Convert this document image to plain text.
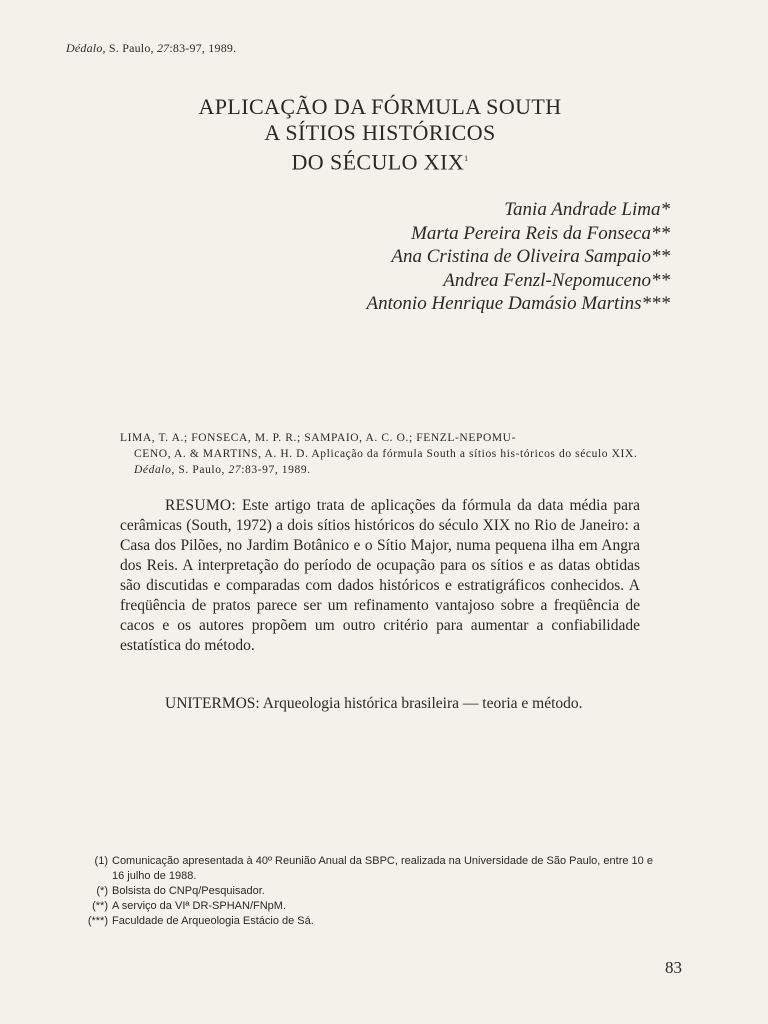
Dédalo, S. Paulo, 27:83-97, 1989.
APLICAÇÃO DA FÓRMULA SOUTH
A SÍTIOS HISTÓRICOS
DO SÉCULO XIX$^1$
Tania Andrade Lima*
Marta Pereira Reis da Fonseca**
Ana Cristina de Oliveira Sampaio**
Andrea Fenzl-Nepomuceno**
Antonio Henrique Damásio Martins***
LIMA, T. A.; FONSECA, M. P. R.; SAMPAIO, A. C. O.; FENZL-NEPOMU-
CENO, A. & MARTINS, A. H. D. Aplicação da fórmula South a sítios his-tóricos do século XIX. Dédalo, S. Paulo, 27:83-97, 1989.

RESUMO: Este artigo trata de aplicações da fórmula da data média para cerâmicas (South, 1972) a dois sítios históricos do século XIX no Rio de Janeiro: a Casa dos Pilões, no Jardim Botânico e o Sítio Major, numa pequena ilha em Angra dos Reis. A interpretação do período de ocupação para os sítios e as datas obtidas são discutidas e comparadas com dados históricos e estratigráficos conhecidos. A freqüência de pratos parece ser um refinamento vantajoso sobre a freqüência de cacos e os autores propõem um outro critério para aumentar a confiabilidade estatística do método.

UNITERMOS: Arqueologia histórica brasileira — teoria e método.

(1) Comunicação apresentada à 40º Reunião Anual da SBPC, realizada na Universidade de São Paulo, entre 10 e 16 julho de 1988.
(*) Bolsista do CNPq/Pesquisador.
(**) A serviço da VIª DR-SPHAN/FNpM.
(***) Faculdade de Arqueologia Estácio de Sá.
83
